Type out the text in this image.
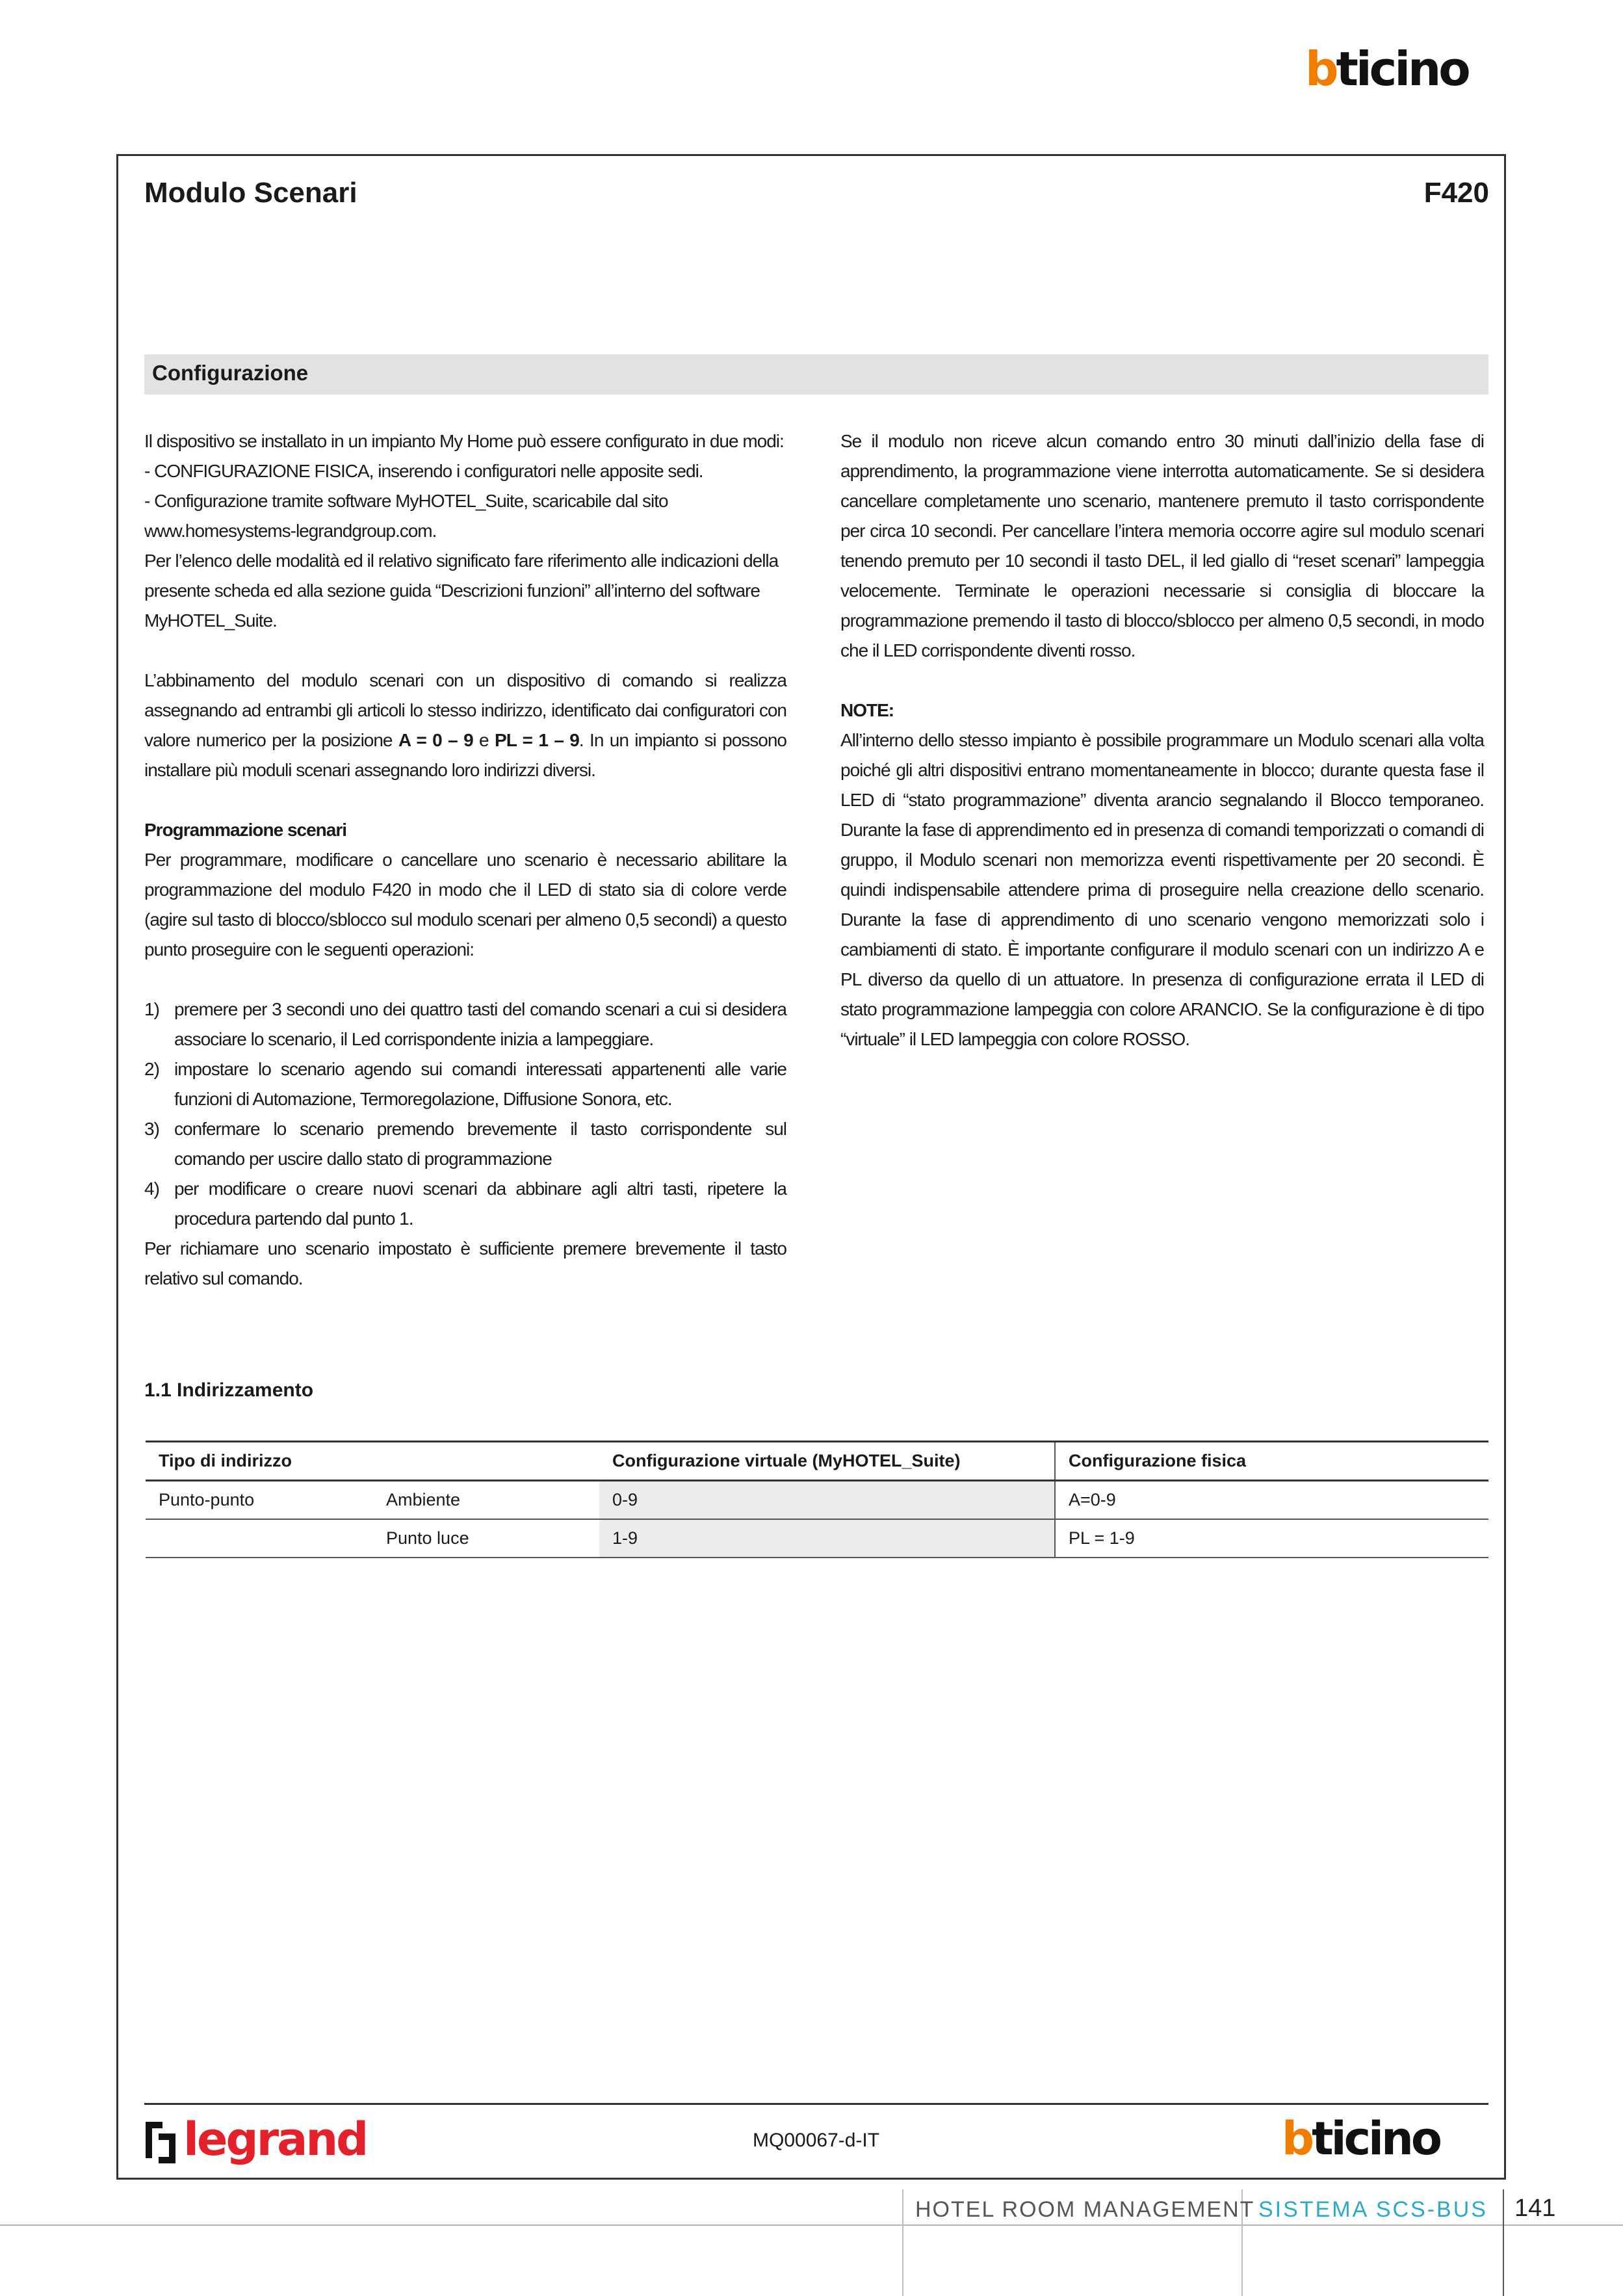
bticino
Modulo Scenari	F420
Configurazione

Il dispositivo se installato in un impianto My Home può essere configurato in due modi:
- CONFIGURAZIONE FISICA, inserendo i configuratori nelle apposite sedi.
- Configurazione tramite software MyHOTEL_Suite, scaricabile dal sito
www.homesystems-legrandgroup.com.
Per l’elenco delle modalità ed il relativo significato fare riferimento alle indicazioni della presente scheda ed alla sezione guida “Descrizioni funzioni” all’interno del software MyHOTEL_Suite.

L’abbinamento del modulo scenari con un dispositivo di comando si realizza assegnando ad entrambi gli articoli lo stesso indirizzo, identificato dai configuratori con valore numerico per la posizione A = 0 – 9 e PL = 1 – 9. In un impianto si possono installare più moduli scenari assegnando loro indirizzi diversi.

Programmazione scenari

Per programmare, modificare o cancellare uno scenario è necessario abilitare la programmazione del modulo F420 in modo che il LED di stato sia di colore verde (agire sul tasto di blocco/sblocco sul modulo scenari per almeno 0,5 secondi) a questo punto proseguire con le seguenti operazioni:

1) premere per 3 secondi uno dei quattro tasti del comando scenari a cui si desidera associare lo scenario, il Led corrispondente inizia a lampeggiare.
2) impostare lo scenario agendo sui comandi interessati appartenenti alle varie funzioni di Automazione, Termoregolazione, Diffusione Sonora, etc.
3) confermare lo scenario premendo brevemente il tasto corrispondente sul comando per uscire dallo stato di programmazione
4) per modificare o creare nuovi scenari da abbinare agli altri tasti, ripetere la procedura partendo dal punto 1.

Per richiamare uno scenario impostato è sufficiente premere brevemente il tasto relativo sul comando.

Se il modulo non riceve alcun comando entro 30 minuti dall’inizio della fase di apprendimento, la programmazione viene interrotta automaticamente. Se si desidera cancellare completamente uno scenario, mantenere premuto il tasto corrispondente per circa 10 secondi. Per cancellare l’intera memoria occorre agire sul modulo scenari tenendo premuto per 10 secondi il tasto DEL, il led giallo di “reset scenari” lampeggia velocemente. Terminate le operazioni necessarie si consiglia di bloccare la programmazione premendo il tasto di blocco/sblocco per almeno 0,5 secondi, in modo che il LED corrispondente diventi rosso.

NOTE:

All’interno dello stesso impianto è possibile programmare un Modulo scenari alla volta poiché gli altri dispositivi entrano momentaneamente in blocco; durante questa fase il LED di “stato programmazione” diventa arancio segnalando il Blocco temporaneo. Durante la fase di apprendimento ed in presenza di comandi temporizzati o comandi di gruppo, il Modulo scenari non memorizza eventi rispettivamente per 20 secondi. È quindi indispensabile attendere prima di proseguire nella creazione dello scenario. Durante la fase di apprendimento di uno scenario vengono memorizzati solo i cambiamenti di stato. È importante configurare il modulo scenari con un indirizzo A e PL diverso da quello di un attuatore. In presenza di configurazione errata il LED di stato programmazione lampeggia con colore ARANCIO. Se la configurazione è di tipo “virtuale” il LED lampeggia con colore ROSSO.

1.1 Indirizzamento
Tipo di indirizzo		Configurazione virtuale (MyHOTEL_Suite)	Configurazione fisica
Punto-punto	Ambiente	0-9	A=0-9
	Punto luce	1-9	PL = 1-9
legrand	MQ00067-d-IT	bticino
HOTEL ROOM MANAGEMENT SISTEMA SCS-BUS 141
